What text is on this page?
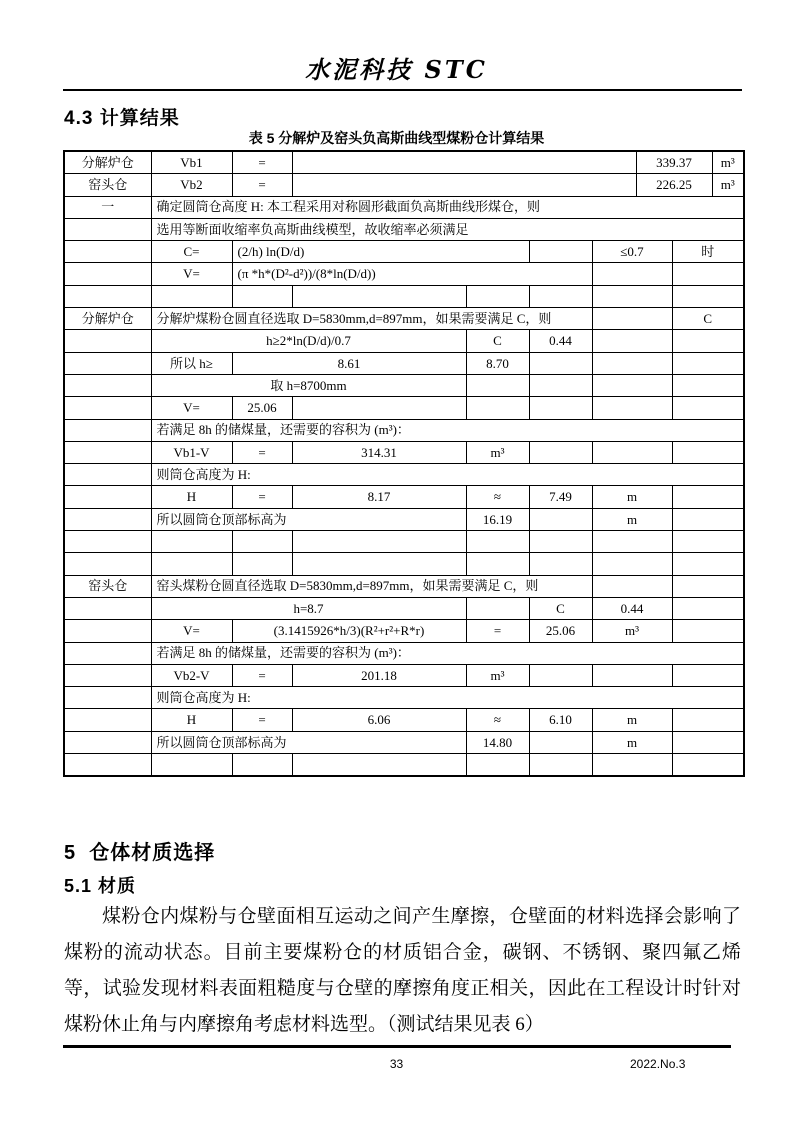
水泥科技 STC
4.3 计算结果
表 5 分解炉及窑头负高斯曲线型煤粉仓计算结果
分解炉仓	Vb1	=					339.37		m³
窑头仓	Vb2	=					226.25		m³
一	确定圆筒仓高度 H: 本工程采用对称圆形截面负高斯曲线形煤仓，则								
	选用等断面收缩率负高斯曲线模型，故收缩率必须满足								
	C=	(2/h) ln(D/d)				≤0.7		时	
	V=	(π *h*(D²-d²))/(8*ln(D/d))							

分解炉仓	分解炉煤粉仓圆直径选取 D=5830mm,d=897mm，如果需要满足 C，则							C	
	h≥2*ln(D/d)/0.7			C	0.44				
	所以 h≥	8.61		8.70					
	取 h=8700mm								
	V=	25.06							
	若满足 8h 的储煤量，还需要的容积为 (m³)：								
	Vb1-V	=	314.31	m³					
	则筒仓高度为 H:								
	H	=	8.17	≈	7.49	m			
	所以圆筒仓顶部标高为			16.19		m			

窑头仓	窑头煤粉仓圆直径选取 D=5830mm,d=897mm，如果需要满足 C，则								
	h=8.7				C	0.44			
	V=	(3.1415926*h/3)(R²+r²+R*r)		=	25.06	m³			
	若满足 8h 的储煤量，还需要的容积为 (m³)：								
	Vb2-V	=	201.18	m³					
	则筒仓高度为 H:								
	H	=	6.06	≈	6.10	m			
	所以圆筒仓顶部标高为			14.80		m			

5  仓体材质选择
5.1 材质
煤粉仓内煤粉与仓壁面相互运动之间产生摩擦，仓壁面的材料选择会影响了煤粉的流动状态。目前主要煤粉仓的材质铝合金，碳钢、不锈钢、聚四氟乙烯等，试验发现材料表面粗糙度与仓壁的摩擦角度正相关，因此在工程设计时针对煤粉休止角与内摩擦角考虑材料选型。（测试结果见表 6）
33	2022.No.3
